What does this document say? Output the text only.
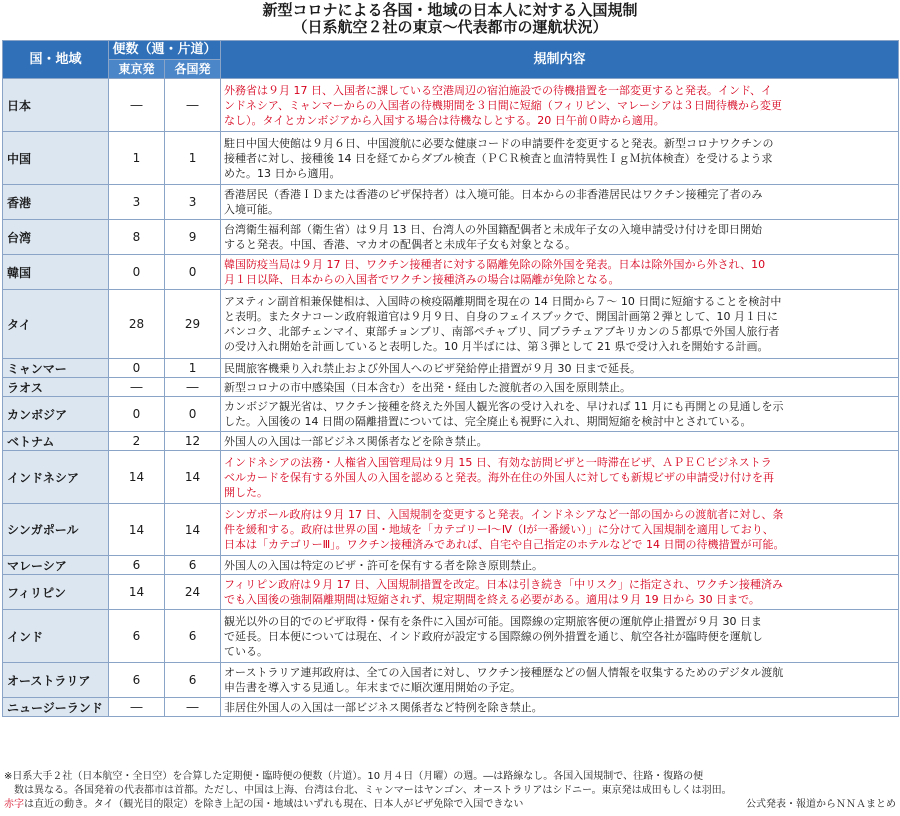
新型コロナによる各国・地域の日本人に対する入国規制
（日系航空２社の東京〜代表都市の運航状況）
国・地域	便数（週・片道）		規制内容
	東京発	各国発	
日本	―	―	外務省は９月 17 日、入国者に課している空港周辺の宿泊施設での待機措置を一部変更すると発表。インド、イ
ンドネシア、ミャンマーからの入国者の待機期間を３日間に短縮（フィリピン、マレーシアは３日間待機から変更
なし）。タイとカンボジアから入国する場合は待機なしとする。20 日午前０時から適用。
中国	1	1	駐日中国大使館は９月６日、中国渡航に必要な健康コードの申請要件を変更すると発表。新型コロナワクチンの
接種者に対し、接種後 14 日を経てからダブル検査（ＰＣＲ検査と血清特異性ＩｇＭ抗体検査）を受けるよう求
めた。13 日から適用。
香港	3	3	香港居民（香港ＩＤまたは香港のビザ保持者）は入境可能。日本からの非香港居民はワクチン接種完了者のみ
入境可能。
台湾	8	9	台湾衛生福利部（衛生省）は９月 13 日、台湾人の外国籍配偶者と未成年子女の入境申請受け付けを即日開始
すると発表。中国、香港、マカオの配偶者と未成年子女も対象となる。
韓国	0	0	韓国防疫当局は９月 17 日、ワクチン接種者に対する隔離免除の除外国を発表。日本は除外国から外され、10
月１日以降、日本からの入国者でワクチン接種済みの場合は隔離が免除となる。
タイ	28	29	アヌティン副首相兼保健相は、入国時の検疫隔離期間を現在の 14 日間から７〜 10 日間に短縮することを検討中
と表明。またタナコーン政府報道官は９月９日、自身のフェイスブックで、開国計画第２弾として、10 月１日に
バンコク、北部チェンマイ、東部チョンブリ、南部ペチャブリ、同プラチュアブキリカンの５都県で外国人旅行者
の受け入れ開始を計画していると表明した。10 月半ばには、第３弾として 21 県で受け入れを開始する計画。
ミャンマー	0	1	民間旅客機乗り入れ禁止および外国人へのビザ発給停止措置が９月 30 日まで延長。
ラオス	―	―	新型コロナの市中感染国（日本含む）を出発・経由した渡航者の入国を原則禁止。
カンボジア	0	0	カンボジア観光省は、ワクチン接種を終えた外国人観光客の受け入れを、早ければ 11 月にも再開との見通しを示
した。入国後の 14 日間の隔離措置については、完全廃止も視野に入れ、期間短縮を検討中とされている。
ベトナム	2	12	外国人の入国は一部ビジネス関係者などを除き禁止。
インドネシア	14	14	インドネシアの法務・人権省入国管理局は９月 15 日、有効な訪問ビザと一時滞在ビザ、ＡＰＥＣビジネストラ
ベルカードを保有する外国人の入国を認めると発表。海外在住の外国人に対しても新規ビザの申請受け付けを再
開した。
シンガポール	14	14	シンガポール政府は９月 17 日、入国規制を変更すると発表。インドネシアなど一部の国からの渡航者に対し、条
件を緩和する。政府は世界の国・地域を「カテゴリーⅠ〜Ⅳ（Ⅰが一番緩い）」に分けて入国規制を適用しており、
日本は「カテゴリーⅢ」。ワクチン接種済みであれば、自宅や自己指定のホテルなどで 14 日間の待機措置が可能。
マレーシア	6	6	外国人の入国は特定のビザ・許可を保有する者を除き原則禁止。
フィリピン	14	24	フィリピン政府は９月 17 日、入国規制措置を改定。日本は引き続き「中リスク」に指定され、ワクチン接種済み
でも入国後の強制隔離期間は短縮されず、規定期間を終える必要がある。適用は９月 19 日から 30 日まで。
インド	6	6	観光以外の目的でのビザ取得・保有を条件に入国が可能。国際線の定期旅客便の運航停止措置が９月 30 日ま
で延長。日本便については現在、インド政府が設定する国際線の例外措置を通じ、航空各社が臨時便を運航し
ている。
オーストラリア	6	6	オーストラリア連邦政府は、全ての入国者に対し、ワクチン接種歴などの個人情報を収集するためのデジタル渡航
申告書を導入する見通し。年末までに順次運用開始の予定。
ニュージーランド	―	―	非居住外国人の入国は一部ビジネス関係者など特例を除き禁止。
※日系大手２社（日本航空・全日空）を合算した定期便・臨時便の便数（片道）。10 月４日（月曜）の週。―は路線なし。各国入国規制で、往路・復路の便
　数は異なる。各国発着の代表都市は首都。ただし、中国は上海、台湾は台北、ミャンマーはヤンゴン、オーストラリアはシドニー。東京発は成田もしくは羽田。
赤字は直近の動き。タイ（観光目的限定）を除き上記の国・地域はいずれも現在、日本人がビザ免除で入国できない	公式発表・報道からＮＮＡまとめ
